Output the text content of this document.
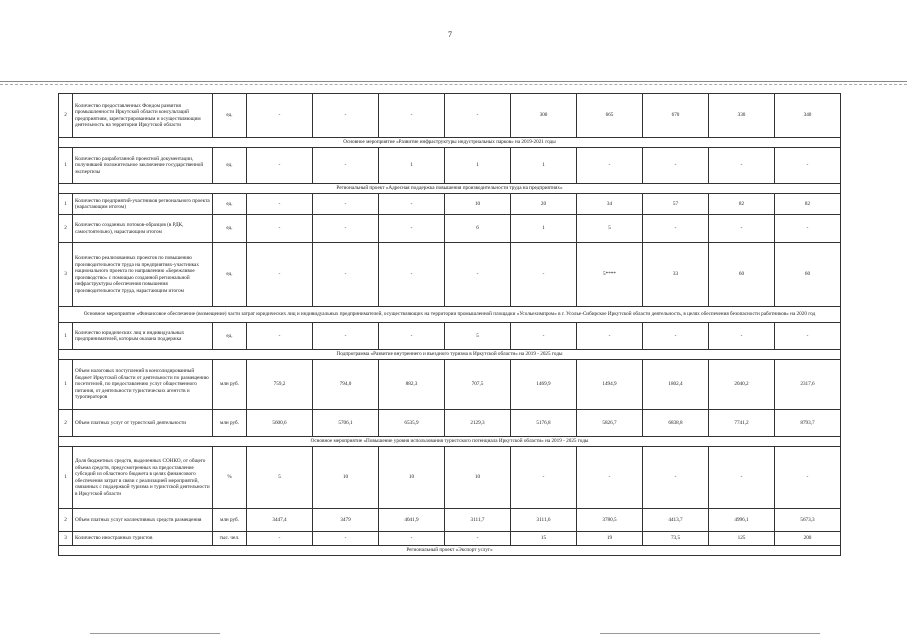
7
2	Количество предоставленных Фондом развития промышленности Иркутской области консультаций предприятиям, зарегистрированным и осуществляющим деятельность на территории Иркутской области	ед.	-	-	-	-	300	665	670	330	340
Основное мероприятие «Развитие инфраструктуры индустриальных парков» на 2019-2021 годы											
1	Количество разработанной проектной документации, получившей положительное заключение государственной экспертизы	ед.	-	-	1	1	1	-	-	-	-
Региональный проект «Адресная поддержка повышения производительности труда на предприятиях»											
1	Количество предприятий-участников регионального проекта (нарастающим итогом)	ед.	-	-	-	10	20	34	57	82	82
2	Количество созданных потоков-образцов (в РДК, самостоятельно), нарастающим итогом	ед.	-	-	-	6	1	5	-	-	-
3	Количество реализованных проектов по повышению производительности труда на предприятиях-участниках национального проекта по направлению «Бережливое производство» с помощью созданной региональной инфраструктуры обеспечения повышения производительности труда, нарастающим итогом	ед.	-	-	-	-	-	5****	33	60	60
Основное мероприятие «Финансовое обеспечение (возмещение) части затрат юридических лиц и индивидуальных предпринимателей, осуществляющих на территории промышленной площадки «Усольехимпром» в г. Усолье-Сибирское Иркутской области деятельность, в целях обеспечения безопасности работников» на 2020 год											
1	Количество юридических лиц и индивидуальных предпринимателей, которым оказана поддержка	ед.	-	-	-	5	-	-	-	-	-
Подпрограмма «Развитие внутреннего и въездного туризма в Иркутской области» на 2019 - 2025 годы											
1	Объем налоговых поступлений в консолидированный бюджет Иркутской области от деятельности по размещению посетителей, по предоставлению услуг общественного питания, от деятельности туристических агентств и туроператоров	млн руб.	759,2	794,0	882,3	707,5	1469,9	1494,9	1802,4	2040,2	2317,6
2	Объем платных услуг от туристской деятельности	млн руб.	5600,6	5706,1	6535,9	2129,3	5176,8	5826,7	6838,8	7741,2	8793,7
Основное мероприятие «Повышение уровня использования туристского потенциала Иркутской области» на 2019 - 2025 годы											
1	Доля бюджетных средств, выделенных СОНКО, от общего объема средств, предусмотренных на предоставление субсидий из областного бюджета в целях финансового обеспечения затрат в связи с реализацией мероприятий, связанных с поддержкой туризма и туристской деятельности в Иркутской области	%	5	10	10	10	-	-	-	-	-
2	Объем платных услуг коллективных средств размещения	млн руб.	3447,4	3479	4041,9	3111,7	3111,6	3780,5	4413,7	4996,1	5673,3
3	Количество иностранных туристов	тыс. чел.	-	-	-	-	15	19	73,5	125	200
Региональный проект «Экспорт услуг»											
